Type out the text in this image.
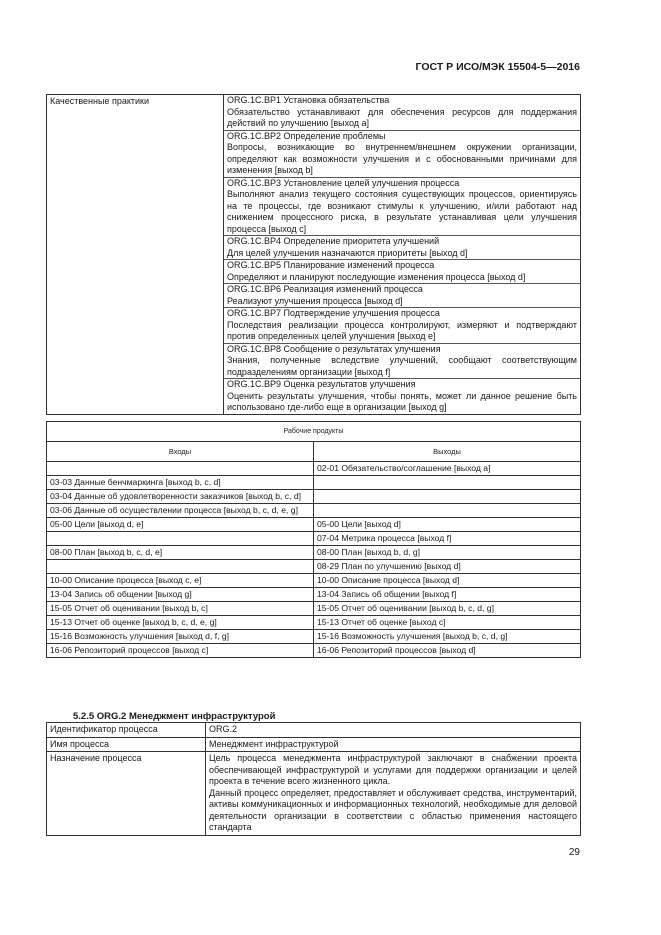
ГОСТ Р ИСО/МЭК 15504-5—2016
Качественные практики	ORG.1C.BP1 Установка обязательства
Обязательство устанавливают для обеспечения ресурсов для поддержания действий по улучшению [выход a]
ORG.1C.BP2 Определение проблемы
Вопросы, возникающие во внутреннем/внешнем окружении организации, определяют как возможности улучшения и с обоснованными причинами для изменения [выход b]
ORG.1C.BP3 Установление целей улучшения процесса
Выполняют анализ текущего состояния существующих процессов, ориентируясь на те процессы, где возникают стимулы к улучшению, и/или работают над снижением процессного риска, в результате устанавливая цели улучшения процесса [выход c]
ORG.1C.BP4 Определение приоритета улучшений
Для целей улучшения назначаются приоритеты [выход d]
ORG.1C.BP5 Планирование изменений процесса
Определяют и планируют последующие изменения процесса [выход d]
ORG.1C.BP6 Реализация изменений процесса
Реализуют улучшения процесса [выход d]
ORG.1C.BP7 Подтверждение улучшения процесса
Последствия реализации процесса контролируют, измеряют и подтверждают против определенных целей улучшения [выход e]
ORG.1C.BP8 Сообщение о результатах улучшения
Знания, полученные вследствие улучшений, сообщают соответствующим подразделениям организации [выход f]
ORG.1C.BP9 Оценка результатов улучшения
Оценить результаты улучшения, чтобы понять, может ли данное решение быть использовано где-либо еще в организации [выход g]
Рабочие продукты	
Входы	Выходы
	02-01 Обязательство/соглашение [выход a]
03-03 Данные бенчмаркинга [выход b, c, d]	
03-04 Данные об удовлетворенности заказчиков [выход b, c, d]	
03-06 Данные об осуществлении процесса [выход b, c, d, e, g]	
05-00 Цели [выход d, e]	05-00 Цели [выход d]
	07-04 Метрика процесса [выход f]
08-00 План [выход b, c, d, e]	08-00 План [выход b, d, g]
	08-29 План по улучшению [выход d]
10-00 Описание процесса [выход c, e]	10-00 Описание процесса [выход d]
13-04 Запись об общении [выход g]	13-04 Запись об общении [выход f]
15-05 Отчет об оценивании [выход b, c]	15-05 Отчет об оценивании [выход b, c, d, g]
15-13 Отчет об оценке [выход b, c, d, e, g]	15-13 Отчет об оценке [выход c]
15-16 Возможность улучшения [выход d, f, g]	15-16 Возможность улучшения [выход b, c, d, g]
16-06 Репозиторий процессов [выход c]	16-06 Репозиторий процессов [выход d]
5.2.5 ORG.2 Менеджмент инфраструктурой
Идентификатор процесса	ORG.2
Имя процесса	Менеджмент инфраструктурой
Назначение процесса	Цель процесса менеджмента инфраструктурой заключают в снабжении проекта обеспечивающей инфраструктурой и услугами для поддержки организации и целей проекта в течение всего жизненного цикла.
Данный процесс определяет, предоставляет и обслуживает средства, инструментарий, активы коммуникационных и информационных технологий, необходимые для деловой деятельности организации в соответствии с областью применения настоящего стандарта
29
